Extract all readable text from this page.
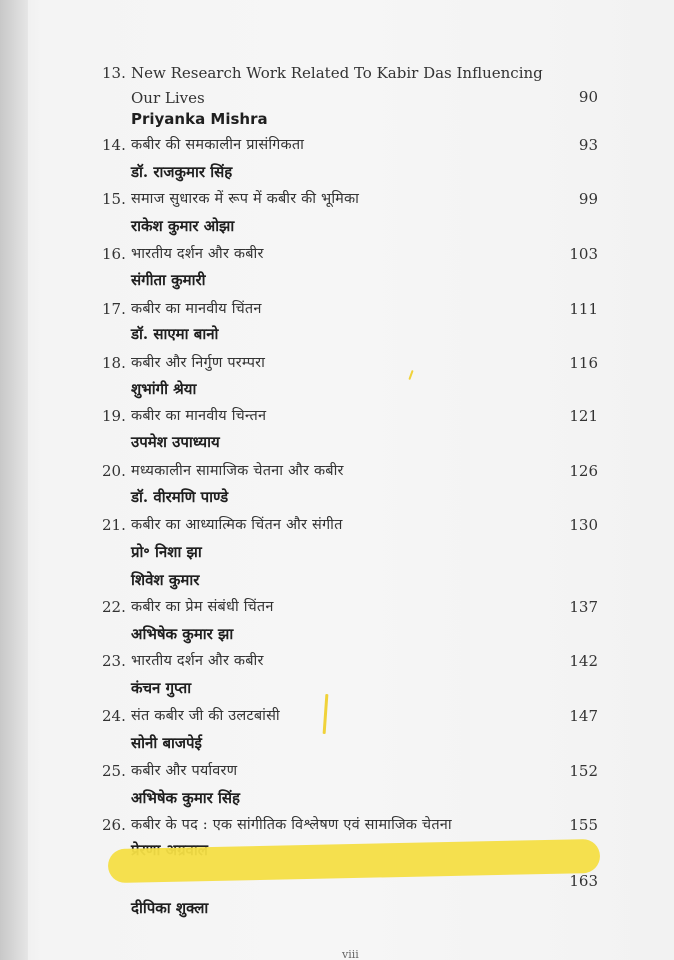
13. New Research Work Related To Kabir Das Influencing
Our Lives	90
Priyanka Mishra
14. कबीर की समकालीन प्रासंगिकता	93
डॉ. राजकुमार सिंह
15. समाज सुधारक में रूप में कबीर की भूमिका	99
राकेश कुमार ओझा
16. भारतीय दर्शन और कबीर	103
संगीता कुमारी
17. कबीर का मानवीय चिंतन	111
डॉ. साएमा बानो
18. कबीर और निर्गुण परम्परा	116
शुभांगी श्रेया
19. कबीर का मानवीय चिन्तन	121
उपमेश उपाध्याय
20. मध्यकालीन सामाजिक चेतना और कबीर	126
डॉ. वीरमणि पाण्डे
21. कबीर का आध्यात्मिक चिंतन और संगीत	130
प्रो॰ निशा झा
शिवेश कुमार
22. कबीर का प्रेम संबंधी चिंतन	137
अभिषेक कुमार झा
23. भारतीय दर्शन और कबीर	142
कंचन गुप्ता
24. संत कबीर जी की उलटबांसी	147
सोनी बाजपेई
25. कबीर और पर्यावरण	152
अभिषेक कुमार सिंह
26. कबीर के पद : एक सांगीतिक विश्लेषण एवं सामाजिक चेतना	155
163
दीपिका शुक्ला
viii
